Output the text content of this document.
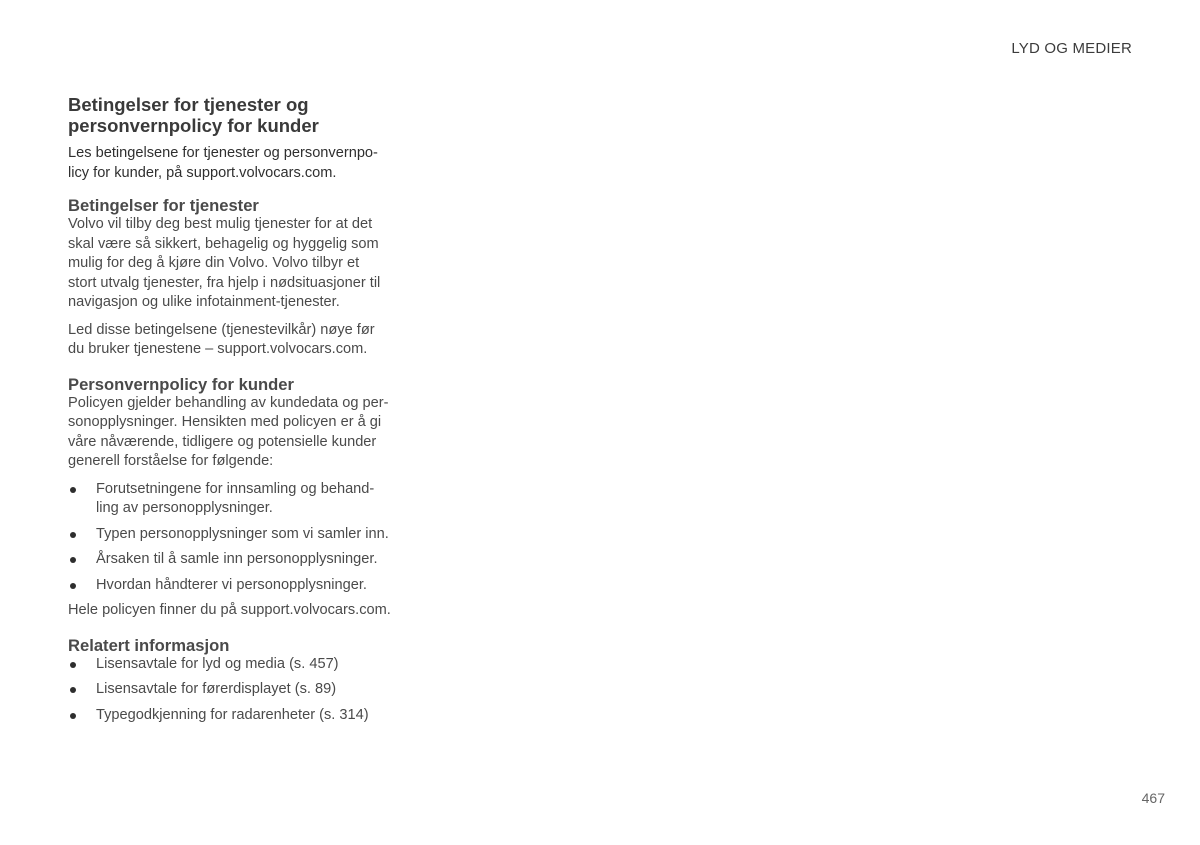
LYD OG MEDIER
Betingelser for tjenester og
personvernpolicy for kunder

Les betingelsene for tjenester og personvernpo-
licy for kunder, på support.volvocars.com.

Betingelser for tjenester

Volvo vil tilby deg best mulig tjenester for at det
skal være så sikkert, behagelig og hyggelig som
mulig for deg å kjøre din Volvo. Volvo tilbyr et
stort utvalg tjenester, fra hjelp i nødsituasjoner til
navigasjon og ulike infotainment-tjenester.

Led disse betingelsene (tjenestevilkår) nøye før
du bruker tjenestene – support.volvocars.com.

Personvernpolicy for kunder

Policyen gjelder behandling av kundedata og per-
sonopplysninger. Hensikten med policyen er å gi
våre nåværende, tidligere og potensielle kunder
generell forståelse for følgende:

Forutsetningene for innsamling og behand-
ling av personopplysninger.
Typen personopplysninger som vi samler inn.
Årsaken til å samle inn personopplysninger.
Hvordan håndterer vi personopplysninger.

Hele policyen finner du på support.volvocars.com.

Relatert informasjon
Lisensavtale for lyd og media (s. 457)
Lisensavtale for førerdisplayet (s. 89)
Typegodkjenning for radarenheter (s. 314)
467
